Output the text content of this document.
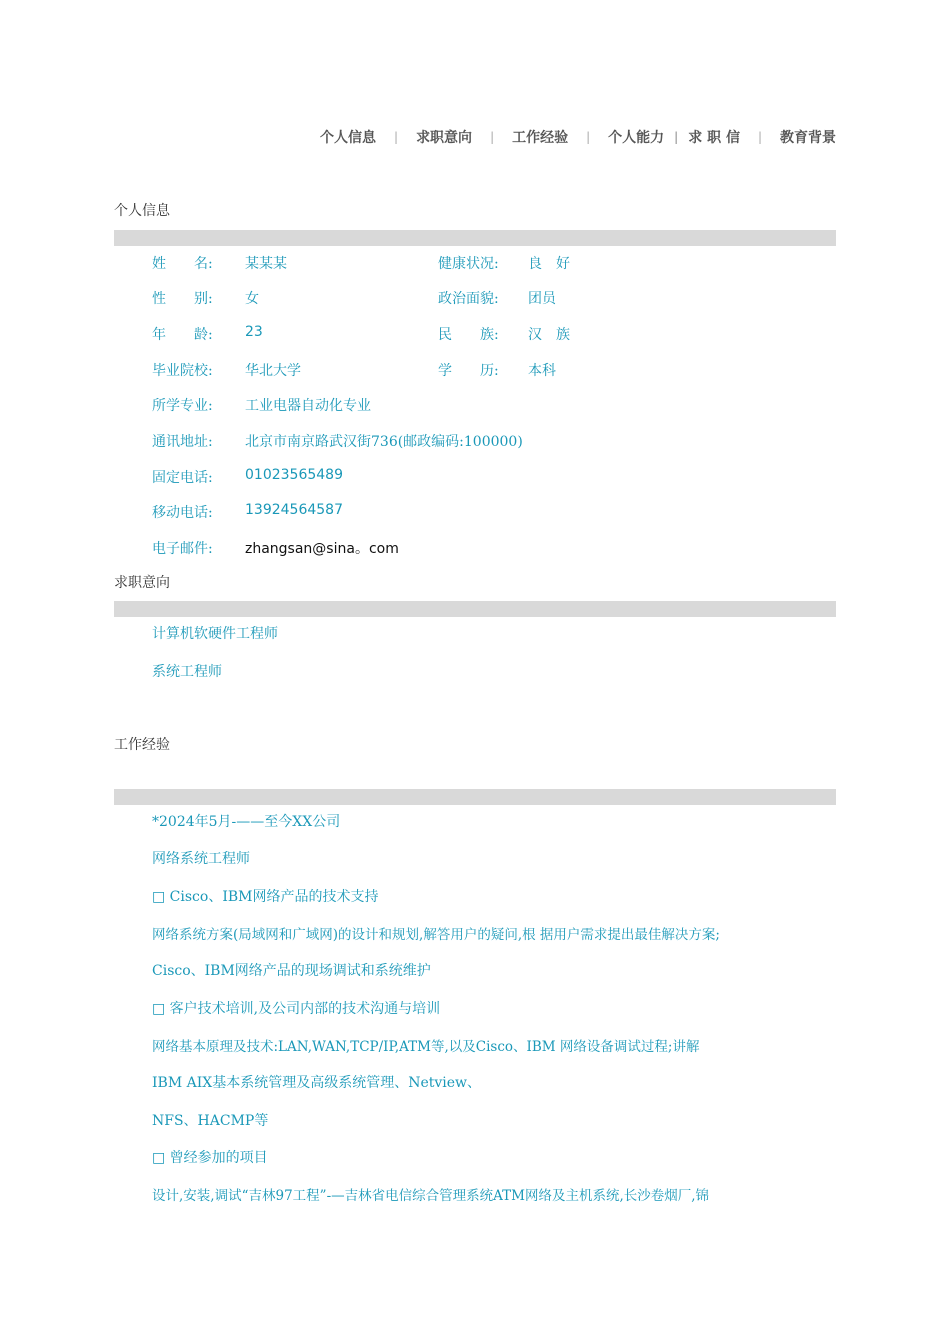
个人信息 | 求职意向 | 工作经验 | 个人能力 | 求 职 信 | 教育背景
个人信息
姓　　名: 某某某	健康状况: 良　好
性　　别: 女	政治面貌: 团员
年　　龄: 23	民　　族: 汉　族
毕业院校: 华北大学	学　　历: 本科
所学专业: 工业电器自动化专业
通讯地址: 北京市南京路武汉街736(邮政编码:100000)
固定电话: 01023565489
移动电话: 13924564587
电子邮件: zhangsan@sina。com
求职意向
计算机软硬件工程师
系统工程师
工作经验
*2024年5月-——至今XX公司
网络系统工程师
□ Cisco、IBM网络产品的技术支持
网络系统方案(局域网和广域网)的设计和规划,解答用户的疑问,根 据用户需求提出最佳解决方案;
Cisco、IBM网络产品的现场调试和系统维护
□ 客户技术培训,及公司内部的技术沟通与培训
网络基本原理及技术:LAN,WAN,TCP/IP,ATM等,以及Cisco、IBM 网络设备调试过程;讲解
IBM AIX基本系统管理及高级系统管理、Netview、
NFS、HACMP等
□ 曾经参加的项目
设计,安装,调试“吉林97工程”-—吉林省电信综合管理系统ATM网络及主机系统,长沙卷烟厂,锦
